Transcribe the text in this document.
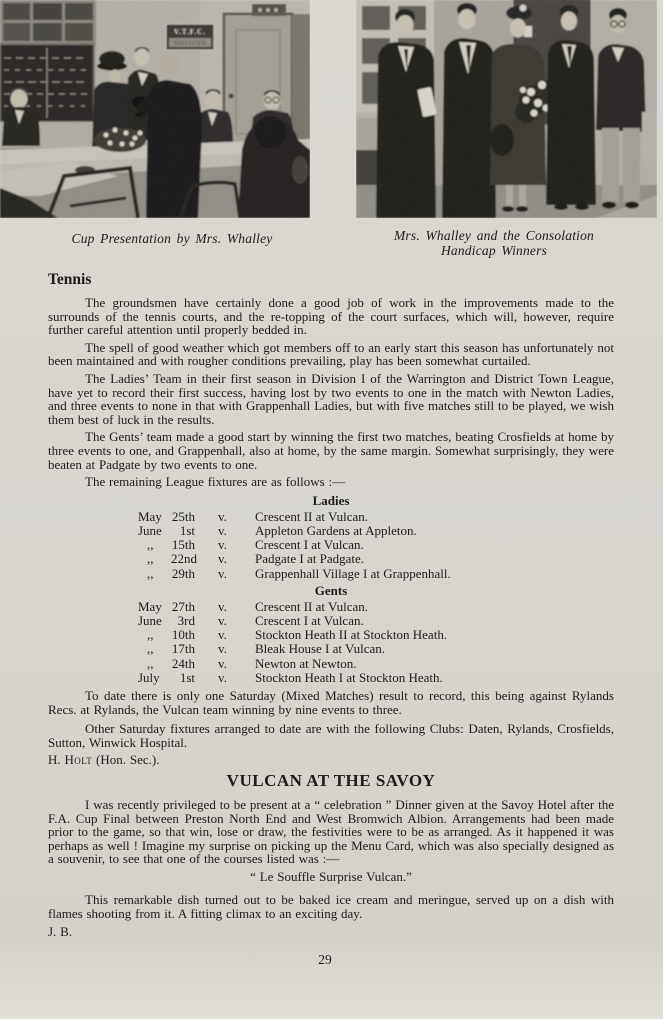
V.T.F.C.
NOTICES
Cup Presentation by Mrs. Whalley	Mrs. Whalley and the Consolation
Handicap Winners
Tennis

The groundsmen have certainly done a good job of work in the improvements made to the surrounds of the tennis courts, and the re-topping of the court surfaces, which will, however, require further careful attention until properly bedded in.

The spell of good weather which got members off to an early start this season has unfortunately not been maintained and with rougher conditions prevailing, play has been somewhat curtailed.

The Ladies’ Team in their first season in Division I of the Warrington and District Town League, have yet to record their first success, having lost by two events to one in the match with Newton Ladies, and three events to none in that with Grappenhall Ladies, but with five matches still to be played, we wish them best of luck in the results.

The Gents’ team made a good start by winning the first two matches, beating Crosfields at home by three events to one, and Grappenhall, also at home, by the same margin. Somewhat surprisingly, they were beaten at Padgate by two events to one.

The remaining League fixtures are as follows :—

Ladies
May 25th v.	Crescent II at Vulcan.
June	1st v.	Appleton Gardens at Appleton.
,,	15th v.	Crescent I at Vulcan.
,,	22nd v.	Padgate I at Padgate.
,,	29th v.	Grappenhall Village I at Grappenhall.
Gents
May 27th v.	Crescent II at Vulcan.
June	3rd v.	Crescent I at Vulcan.
,,	10th v.	Stockton Heath II at Stockton Heath.
,,	17th v.	Bleak House I at Vulcan.
,,	24th v.	Newton at Newton.
July	1st v.	Stockton Heath I at Stockton Heath.

To date there is only one Saturday (Mixed Matches) result to record, this being against Rylands Recs. at Rylands, the Vulcan team winning by nine events to three.

Other Saturday fixtures arranged to date are with the following Clubs: Daten, Rylands, Crosfields, Sutton, Winwick Hospital.

H. Holt (Hon. Sec.).

VULCAN AT THE SAVOY

I was recently privileged to be present at a “ celebration ” Dinner given at the Savoy Hotel after the F.A. Cup Final between Preston North End and West Bromwich Albion. Arrangements had been made prior to the game, so that win, lose or draw, the festivities were to be as arranged. As it happened it was perhaps as well ! Imagine my surprise on picking up the Menu Card, which was also specially designed as a souvenir, to see that one of the courses listed was :—

“ Le Souffle Surprise Vulcan.”

This remarkable dish turned out to be baked ice cream and meringue, served up on a dish with flames shooting from it. A fitting climax to an exciting day.

J. B.

29
